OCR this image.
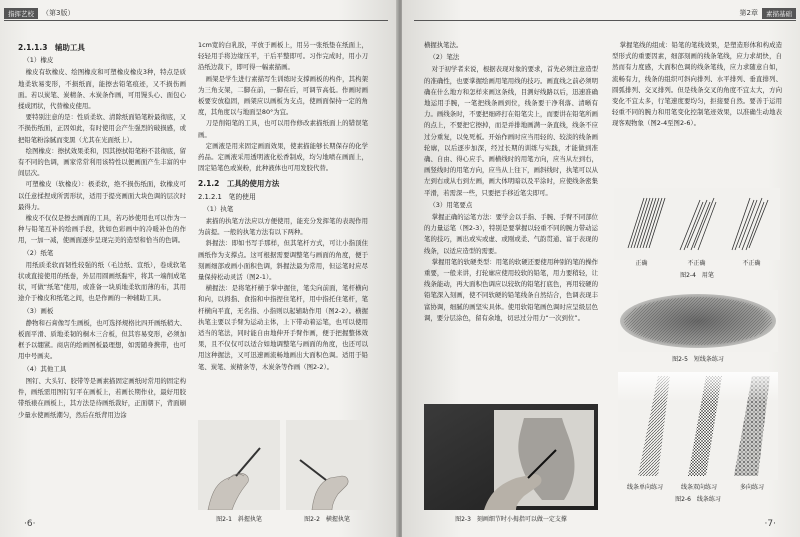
指挥艺校	（第3版）
2.1.1.3　辅助工具
（1）橡皮

橡皮有软橡皮、绘图橡皮和可塑橡皮橡皮3种，特点是质地柔软易变形，不损纸面，能擦去铅笔痕迹，又不损伤画面。若以炭笔、炭精条、木炭条作画，可用馒头心、面包心揉成团状，代替橡皮使用。

要特别注意的是：性质柔软、清除纸面铅笔粉最彻底，又不损伤纸面，正因如此，有时使用会产生强烈的破损感，或把铅笔粉涂腻而变黑（尤其在光面纸上）。

绘图橡皮：擦拭效果柔和，因其擦拭铅笔粉不甚彻底，留有不同的色调，画家常常利用该特性以便画面产生丰富的中间层次。

可塑橡皮（软橡皮）：极柔软，绝不损伤纸面，软橡皮可以任意揉捏成所需形状，适用于提亮画面大块色调的层次时最得力。

橡皮不仅仅是擦去画面的工具，若巧妙使用也可以作为一种与铅笔互补的绘画手段，犹如色彩画中的冷暖补色的作用，一加一减，使画面逐步呈现完美的造型和恰当的色调。

（2）纸笔

用纸质柔软而韧性较强的纸（毛边纸、宣纸），卷成软笔状或直接使用的纸巻，外层用圆画纸黏牢，将其一端削成笔状，可做“纸笔”使用，或准备一块质地柔软而薄的布，其用途介于橡皮和纸笔之间，也是作画的一种辅助工具。

（3）画板

静物和石膏像写生画板，也可选择规格比四开画纸稍大、板面平滑、质地柔韧的桐木三合板，但其容易变形，必须加框予以绷紧。商店的绘画图板最理想，如需随身携带，也可用中号画夹。

（4）其他工具

图钉、大头钉、胶带等是画素描固定画纸时常用的固定构件，画纸需用图钉钉平在画板上，若画长期作业，最好用胶带纸裱在画板上，其方法是待画纸裁好，正面朝下，背面刷少量水使画纸潮匀，然后在纸背用边涂

1cm宽的白乳胶，平放于画板上，用另一张纸垫在纸面上，轻轻用手将边缘压平，干后平整即可。习作完成时，用小刀沿纸边裁下，即可得一幅素描画。

画架是学生进行素描写生训练时支撑画板的构件，其构架为三角支架，二脚在前，一脚在后，可调节高低。作画时画板要安放稳固，画架应以画板为支点，使画面保持一定的角度，其角度以与地面呈80°为宜。

刀是削铅笔的工具，也可以用作修改素描纸面上的错误笔画。

定画液是用来固定画面效果，使素描能够长期保存的化学药品。定画液采用透明液化松香制成，均匀地喷在画面上，固定铅笔色或炭粉，此种液体也可用发胶代替。

2.1.2　工具的使用方法
2.1.2.1　笔的使用
（1）执笔

素描的执笔方法应以方便使用，能充分发挥笔的表现作用为前提。一般的执笔方法有以下两种。

斜握法：即如书写手那样，但其笔杆方式，可让小指顶住画纸作为支撑点。这可根据需要调整笔与画面的角度，便于刻画细部或画小面积色调，斜握法最为常用，但运笔时应尽量保持松动灵活（图2-1）。

横握法：是将笔杆横于掌中握住，笔尖向前面，笔杆横向和向，以拇指、食指和中指捏住笔杆，用中指托住笔杆，笔杆横向平直，无名指、小指则以起辅助作用（图2-2）。横握执笔主要以手臂为运动主体，上下带动着运笔，也可以使用适当的笔法，同时能自由地伸开手臂作画，便于把握整体效果，且不仅仅可以适合如地调整笔与画面的角度，也还可以用这种握法，又可迅速画流畅地画出大面积色调。适用于铅笔、炭笔、炭精条等，木炭条等作画（图2-2）。

图2-1　斜握执笔	图2-2　横握执笔
·6·
第2章	素描基础

横握执笔法。

（2）笔法

对于初学者来说，根据表现对象的要求，首先必须注意造型的准确性，也要掌握绘画用笔用线的技巧。画直线之前必须明确在什么地方和怎样来画这条线，目测好线路以后，迅速准确地运用手腕，一笔把线条画到位，线条要干净利落、清晰有力。画线条时，不要把细碎打在铅笔尖上，而要讲在铅笔所画的点上，不要把它擦掉，而是并排地画满一条直线，线条不应过分重复，以免死板。开始作画时应当用轻的、较淡的线条画轮廓，以后逐步加深，经过长期的训练与实践，才能做到准确、自由、得心应手。画横线时的用笔方向，应当从左到右，画竖线时的用笔方向，应当从上往下，画斜线时，执笔可以从左到右或从右到左画，画大体明暗以及平涂时，应使线条密集平滑，若需深一些，只要把手移近笔尖即可。

（3）用笔要点

掌握正确的运笔方法：要学会以手指、手腕、手臂不同部位的力量运笔（图2-3），特别是要掌握以轻重不同的腕力带动运笔的技巧，画出或实或虚、或刚或柔、气韵贯通、富于表现的线条，以适应造型的需要。

掌握用笔的软硬类型：用笔的软硬还要使用种别的笔的操作重要，一般来讲，打轮廓应使用较软的铅笔，用力要稍轻，让线条能动，再大面积色调应以较软的铅笔打底色，再用较硬的铅笔深入刻画，使不同软硬的铅笔线条自然结合，色调表现丰富协调，细腻的画坚实具体。使用软铅笔画色调时应呈级层色调，要分层涂色，留有余地，切忌过分用力“一次到位”。

图2-3　刻画细节时小拇指可以做一定支撑

掌握笔线的组成：铅笔的笔线效果，是塑造形体和构成造型形式的重要因素，细部刻画的线条笔线，应力求胡快，自然而有力度感，大面积色调的线条笔线，应力求随意自如，流畅有力，线条的组织可斜向排列、水平排列、垂直排列、圆弧排列、交叉排列。但是线条交叉的角度不宜太大，方向变化不宜太多，行笔速度要均匀，拒接要自然。要善于运用轻重不同的腕力和用笔变化控制笔迹效果，以准确生动地表现客观物象（图2-4至图2-6）。

正确	不正确	不正确
图2-4　用笔
图2-5　短线条练习
线条单向练习	线条双向练习	多向练习
图2-6　线条练习
·7·
